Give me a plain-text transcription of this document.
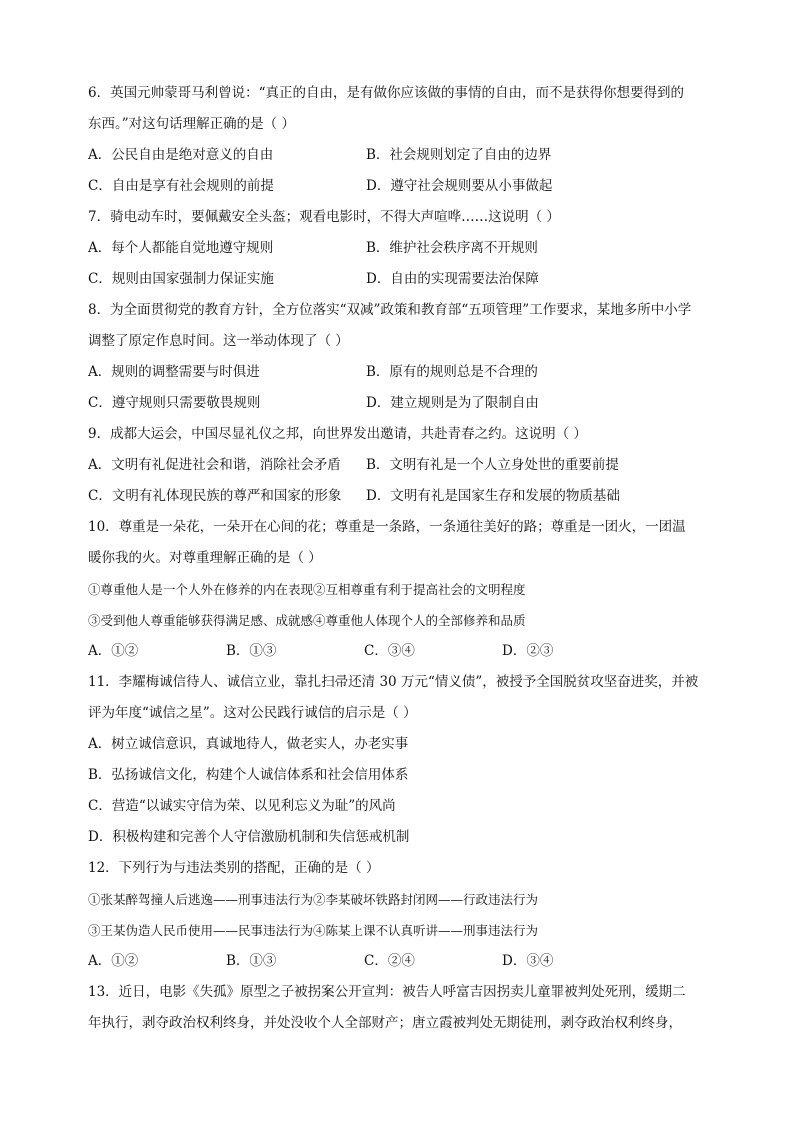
6．英国元帅蒙哥马利曾说：“真正的自由，是有做你应该做的事情的自由，而不是获得你想要得到的
东西。”对这句话理解正确的是（ ）
A．公民自由是绝对意义的自由	B．社会规则划定了自由的边界
C．自由是享有社会规则的前提	D．遵守社会规则要从小事做起
7．骑电动车时，要佩戴安全头盔；观看电影时，不得大声喧哗……这说明（ ）
A．每个人都能自觉地遵守规则	B．维护社会秩序离不开规则
C．规则由国家强制力保证实施	D．自由的实现需要法治保障
8．为全面贯彻党的教育方针，全方位落实“双减”政策和教育部“五项管理”工作要求，某地多所中小学
调整了原定作息时间。这一举动体现了（ ）
A．规则的调整需要与时俱进	B．原有的规则总是不合理的
C．遵守规则只需要敬畏规则	D．建立规则是为了限制自由
9．成都大运会，中国尽显礼仪之邦，向世界发出邀请，共赴青春之约。这说明（ ）
A．文明有礼促进社会和谐，消除社会矛盾	B．文明有礼是一个人立身处世的重要前提
C．文明有礼体现民族的尊严和国家的形象	D．文明有礼是国家生存和发展的物质基础
10．尊重是一朵花，一朵开在心间的花；尊重是一条路，一条通往美好的路；尊重是一团火，一团温
暖你我的火。对尊重理解正确的是（ ）
①尊重他人是一个人外在修养的内在表现②互相尊重有利于提高社会的文明程度
③受到他人尊重能够获得满足感、成就感④尊重他人体现个人的全部修养和品质
A．①②	B．①③	C．③④	D．②③
11．李耀梅诚信待人、诚信立业，靠扎扫帚还清 30 万元“情义债”，被授予全国脱贫攻坚奋进奖，并被
评为年度“诚信之星”。这对公民践行诚信的启示是（ ）
A．树立诚信意识，真诚地待人，做老实人，办老实事
B．弘扬诚信文化，构建个人诚信体系和社会信用体系
C．营造“以诚实守信为荣、以见利忘义为耻”的风尚
D．积极构建和完善个人守信激励机制和失信惩戒机制
12．下列行为与违法类别的搭配，正确的是（ ）
①张某醉驾撞人后逃逸——刑事违法行为②李某破坏铁路封闭网——行政违法行为
③王某伪造人民币使用——民事违法行为④陈某上课不认真听讲——刑事违法行为
A．①②	B．①③	C．②④	D．③④
13．近日，电影《失孤》原型之子被拐案公开宣判：被告人呼富吉因拐卖儿童罪被判处死刑，缓期二
年执行，剥夺政治权利终身，并处没收个人全部财产；唐立霞被判处无期徒刑，剥夺政治权利终身，
